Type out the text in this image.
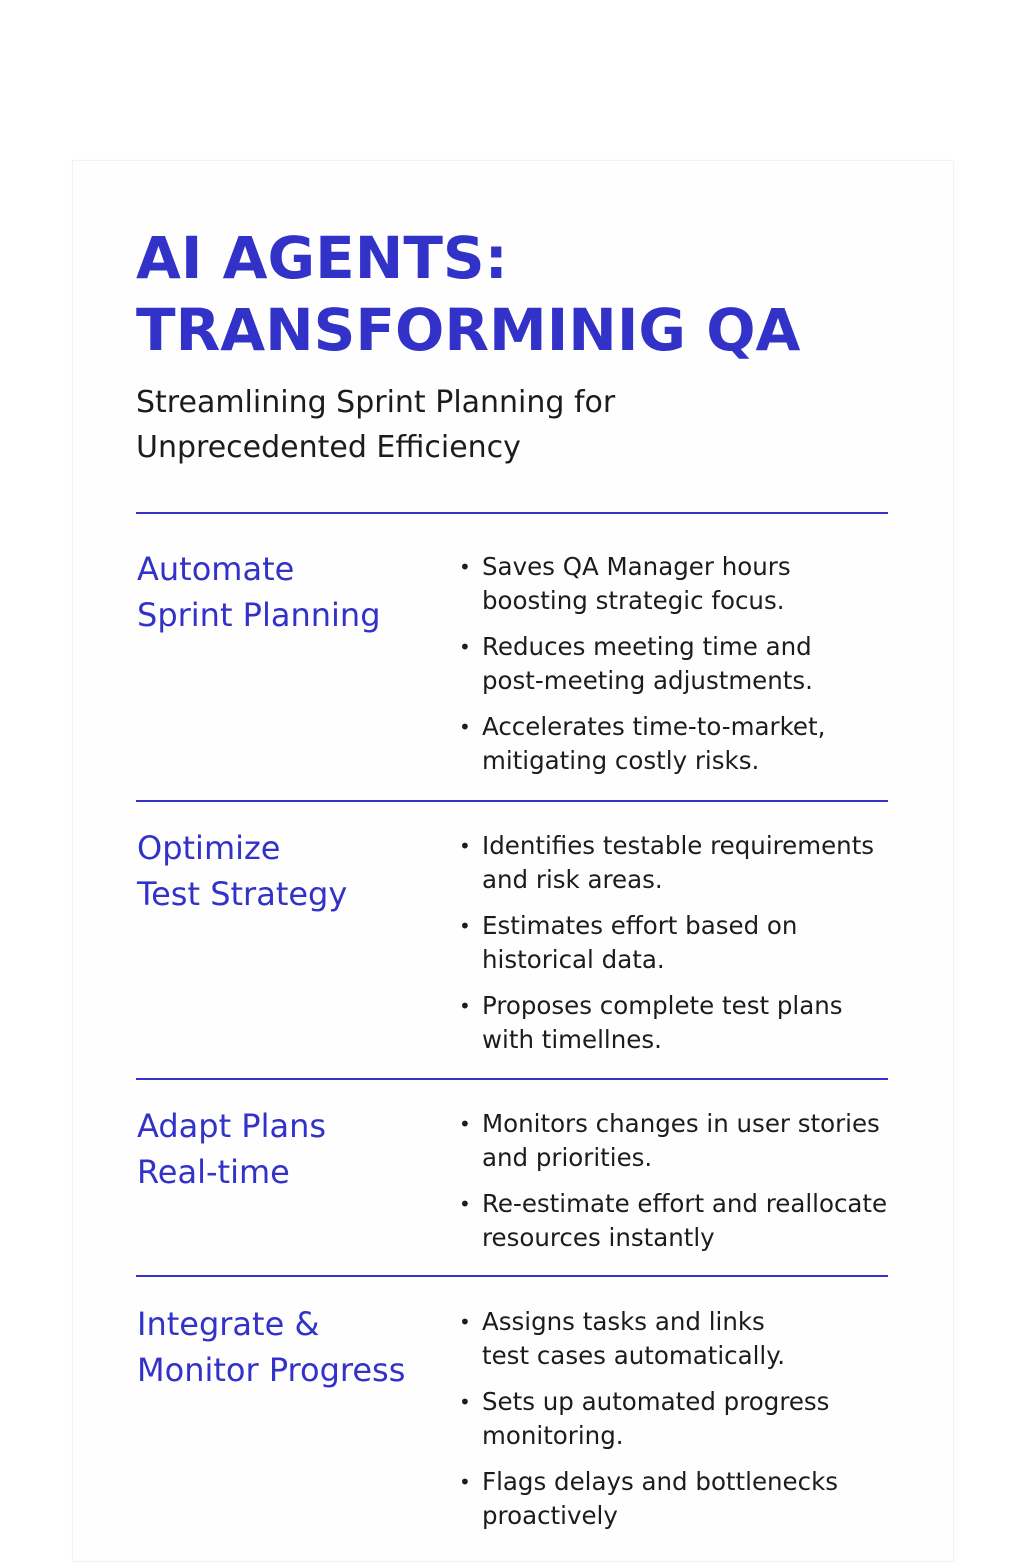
AI AGENTS:
TRANSFORMINIG QA

Streamlining Sprint Planning for
Unprecedented Efficiency

Automate
Sprint Planning
• Saves QA Manager hours
boosting strategic focus.
• Reduces meeting time and
post-meeting adjustments.
• Accelerates time-to-market,
mitigating costly risks.
Optimize
Test Strategy
• Identifies testable requirements
and risk areas.
• Estimates effort based on
historical data.
• Proposes complete test plans
with timellnes.
Adapt Plans
Real-time
• Monitors changes in user stories
and priorities.
• Re-estimate effort and reallocate
resources instantly
Integrate &
Monitor Progress
• Assigns tasks and links
test cases automatically.
• Sets up automated progress
monitoring.
• Flags delays and bottlenecks
proactively
